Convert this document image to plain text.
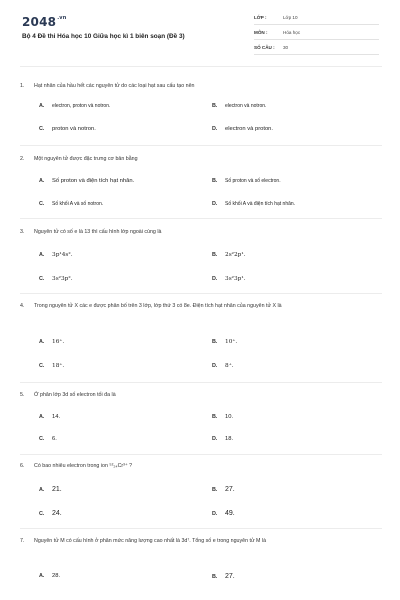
$2048^{.vn}$
Bộ 4 Đề thi Hóa học 10 Giữa học kì 1 biên soạn (Đề 3)
LỚP :	Lớp 10
MÔN :	Hóa học
SỐ CÂU : 30
1. Hạt nhân của hầu hết các nguyên tử do các loại hạt sau cấu tạo nên
A. electron, proton và notron.	B. electron và notron.
C. proton và notron.	D. electron và proton.
2. Một nguyên tử được đặc trưng cơ bản bằng
A. Số proton và điện tích hạt nhân.	B. Số proton và số electron.
C. Số khối A và số notron.	D. Số khối A và điện tích hạt nhân.
3. Nguyên tử có số e là 13 thì cấu hình lớp ngoài cùng là
A. 3p¹4s².	B. 2s²2p¹.
C. 3s²3p².	D. 3s²3p¹.
4. Trong nguyên tử X các e được phân bố trên 3 lớp, lớp thứ 3 có 8e. Điện tích hạt nhân của nguyên tử X là
A. 16⁺.	B. 10⁺.
C. 18⁺.	D. 8⁺.
5. Ở phân lớp 3d số electron tối đa là
A. 14.	B. 10.
C. 6.	D. 18.
6. Có bao nhiêu electron trong ion ⁵²₂₄Cr³⁺ ?
A. 21.	B. 27.
C. 24.	D. 49.
7. Nguyên tử M có cấu hình ở phân mức năng lượng cao nhất là 3d⁷. Tổng số e trong nguyên tử M là
A. 28.	B. 27.
